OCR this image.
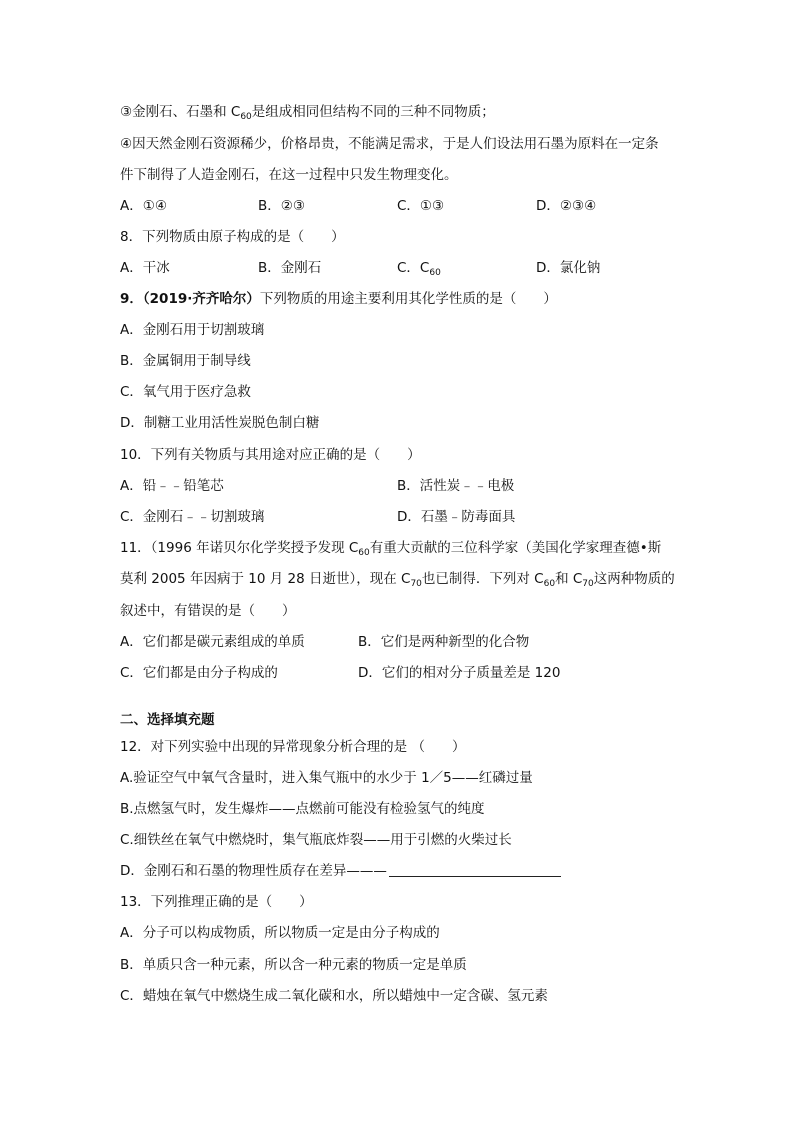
③金刚石、石墨和 $C_{60}$是组成相同但结构不同的三种不同物质；
④因天然金刚石资源稀少，价格昂贵，不能满足需求，于是人们设法用石墨为原料在一定条
件下制得了人造金刚石，在这一过程中只发生物理变化。
A．①④	B．②③	C．①③	D．②③④
8．下列物质由原子构成的是（　　）
A．干冰	B．金刚石	C．$C_{60}$	D．氯化钠
9．（2019·齐齐哈尔）下列物质的用途主要利用其化学性质的是（　　）
A．金刚石用于切割玻璃
B．金属铜用于制导线
C．氧气用于医疗急救
D．制糖工业用活性炭脱色制白糖
10．下列有关物质与其用途对应正确的是（　　）
A．铅﹣﹣铅笔芯	B．活性炭﹣﹣电极
C．金刚石﹣﹣切割玻璃	D．石墨﹣防毒面具
11．（1996 年诺贝尔化学奖授予发现 $C_{60}$有重大贡献的三位科学家（美国化学家理查德•斯
莫利 2005 年因病于 10 月 28 日逝世），现在 $C_{70}$也已制得．下列对 $C_{60}$和 $C_{70}$这两种物质的
叙述中，有错误的是（　　）
A．它们都是碳元素组成的单质	B．它们是两种新型的化合物
C．它们都是由分子构成的	D．它们的相对分子质量差是 120
二、选择填充题
12．对下列实验中出现的异常现象分析合理的是 （　　）
A.验证空气中氧气含量时，进入集气瓶中的水少于 1／5——红磷过量
B.点燃氢气时，发生爆炸——点燃前可能没有检验氢气的纯度
C.细铁丝在氧气中燃烧时，集气瓶底炸裂——用于引燃的火柴过长
D．金刚石和石墨的物理性质存在差异———
13．下列推理正确的是（　　）
A．分子可以构成物质，所以物质一定是由分子构成的
B．单质只含一种元素，所以含一种元素的物质一定是单质
C．蜡烛在氧气中燃烧生成二氧化碳和水，所以蜡烛中一定含碳、氢元素
